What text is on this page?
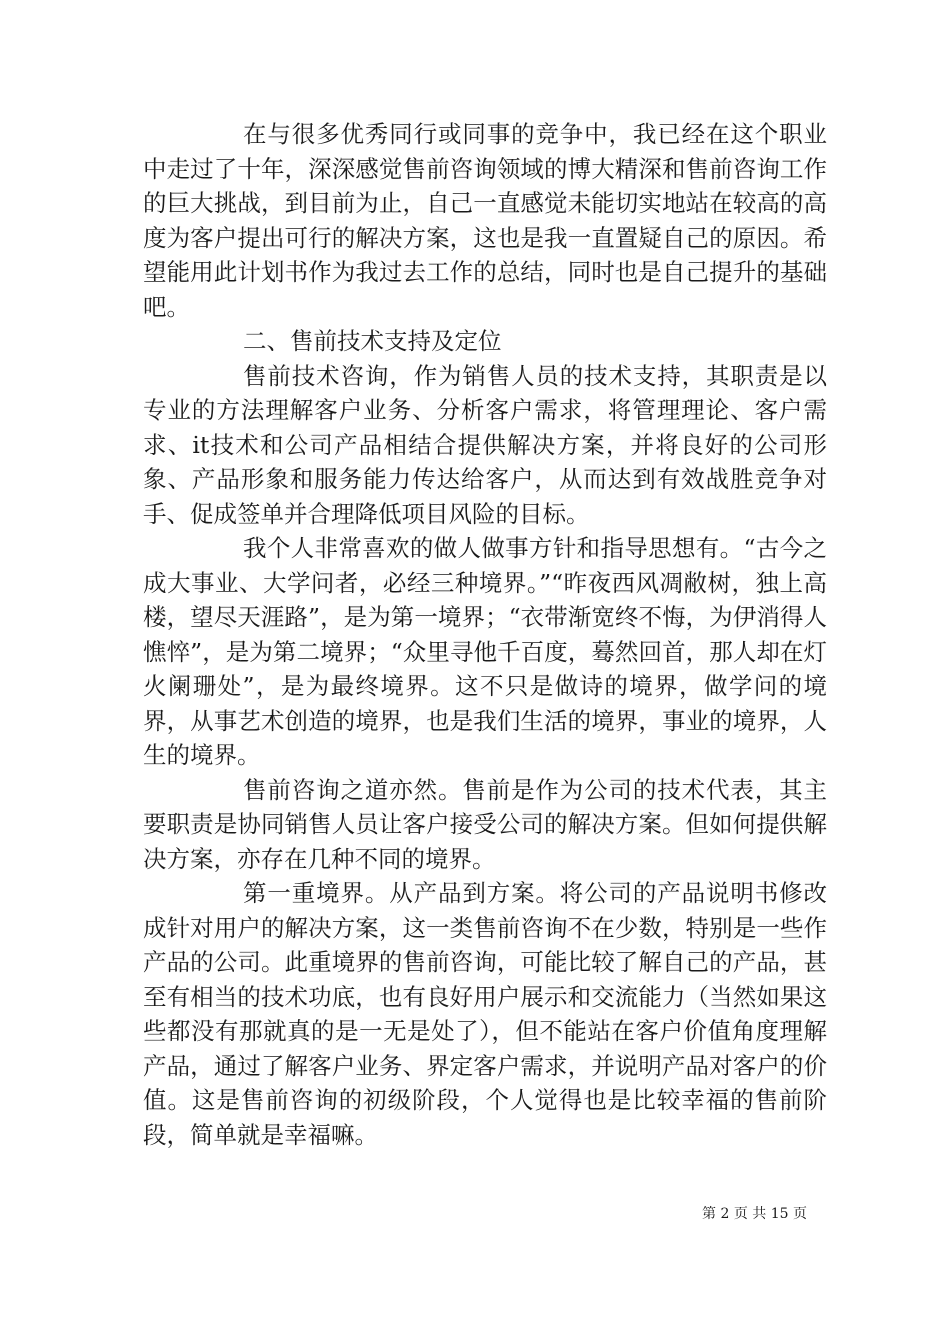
在与很多优秀同行或同事的竞争中，我已经在这个职业中走过了十年，深深感觉售前咨询领域的博大精深和售前咨询工作的巨大挑战，到目前为止，自己一直感觉未能切实地站在较高的高度为客户提出可行的解决方案，这也是我一直置疑自己的原因。希望能用此计划书作为我过去工作的总结，同时也是自己提升的基础吧。

二、售前技术支持及定位

售前技术咨询，作为销售人员的技术支持，其职责是以专业的方法理解客户业务、分析客户需求，将管理理论、客户需求、it技术和公司产品相结合提供解决方案，并将良好的公司形象、产品形象和服务能力传达给客户，从而达到有效战胜竞争对手、促成签单并合理降低项目风险的目标。

我个人非常喜欢的做人做事方针和指导思想有。“古今之成大事业、大学问者，必经三种境界。”“昨夜西风凋敝树，独上高楼，望尽天涯路”，是为第一境界；“衣带渐宽终不悔，为伊消得人憔悴”，是为第二境界；“众里寻他千百度，蓦然回首，那人却在灯火阑珊处”，是为最终境界。这不只是做诗的境界，做学问的境界，从事艺术创造的境界，也是我们生活的境界，事业的境界，人生的境界。

售前咨询之道亦然。售前是作为公司的技术代表，其主要职责是协同销售人员让客户接受公司的解决方案。但如何提供解决方案，亦存在几种不同的境界。

第一重境界。从产品到方案。将公司的产品说明书修改成针对用户的解决方案，这一类售前咨询不在少数，特别是一些作产品的公司。此重境界的售前咨询，可能比较了解自己的产品，甚至有相当的技术功底，也有良好用户展示和交流能力（当然如果这些都没有那就真的是一无是处了），但不能站在客户价值角度理解产品，通过了解客户业务、界定客户需求，并说明产品对客户的价值。这是售前咨询的初级阶段，个人觉得也是比较幸福的售前阶段，简单就是幸福嘛。

第 2 页 共 15 页
